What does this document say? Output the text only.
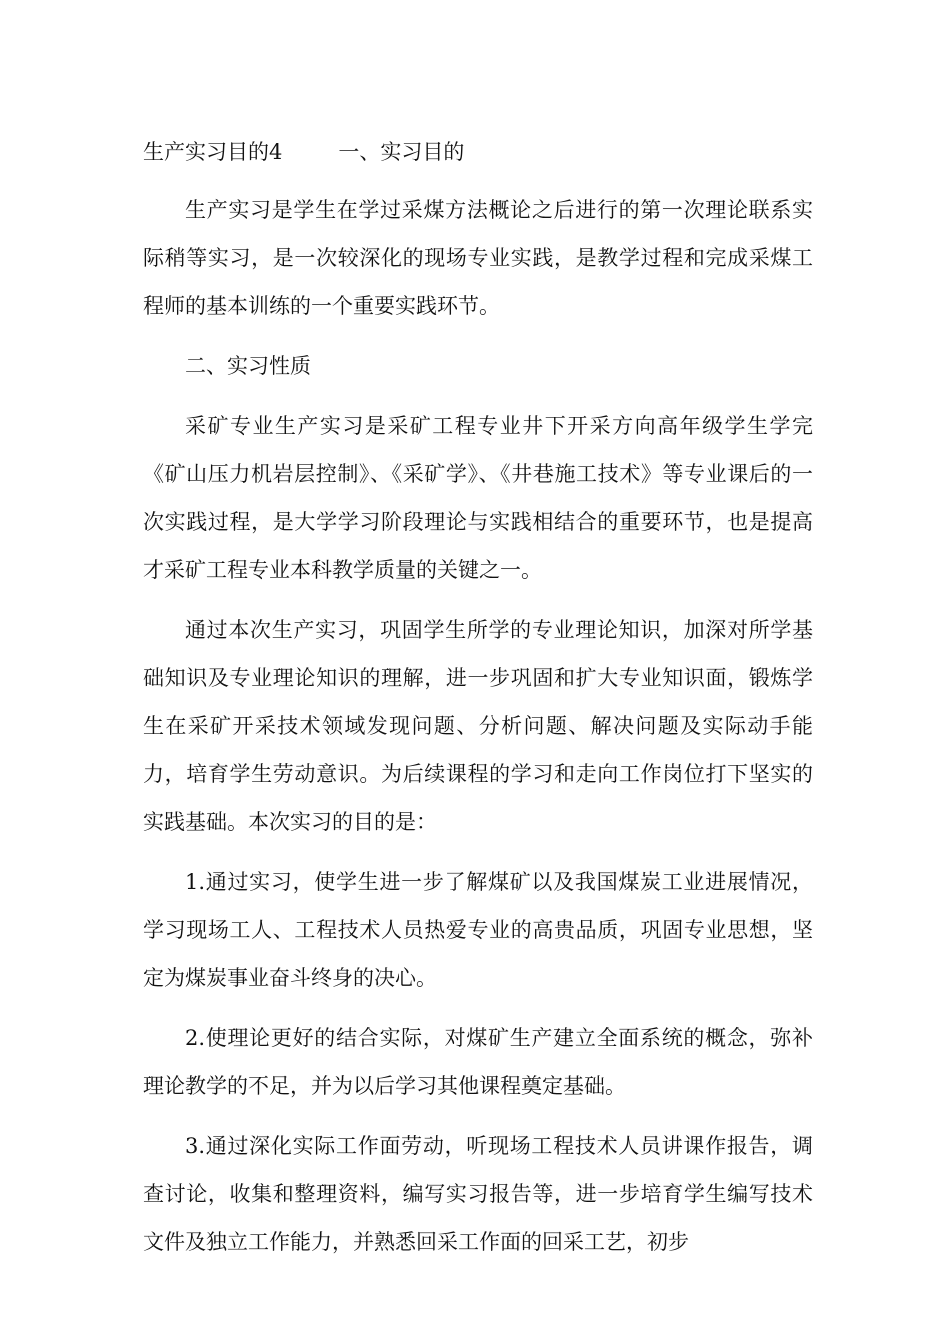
生产实习目的4	一、实习目的

生产实习是学生在学过采煤方法概论之后进行的第一次理论联系实际稍等实习，是一次较深化的现场专业实践，是教学过程和完成采煤工程师的基本训练的一个重要实践环节。

二、实习性质

采矿专业生产实习是采矿工程专业井下开采方向高年级学生学完《矿山压力机岩层控制》、《采矿学》、《井巷施工技术》等专业课后的一次实践过程，是大学学习阶段理论与实践相结合的重要环节，也是提高才采矿工程专业本科教学质量的关键之一。

通过本次生产实习，巩固学生所学的专业理论知识，加深对所学基础知识及专业理论知识的理解，进一步巩固和扩大专业知识面，锻炼学生在采矿开采技术领域发现问题、分析问题、解决问题及实际动手能力，培育学生劳动意识。为后续课程的学习和走向工作岗位打下坚实的实践基础。本次实习的目的是：

1.通过实习，使学生进一步了解煤矿以及我国煤炭工业进展情况，学习现场工人、工程技术人员热爱专业的高贵品质，巩固专业思想，坚定为煤炭事业奋斗终身的决心。

2.使理论更好的结合实际，对煤矿生产建立全面系统的概念，弥补理论教学的不足，并为以后学习其他课程奠定基础。

3.通过深化实际工作面劳动，听现场工程技术人员讲课作报告，调查讨论，收集和整理资料，编写实习报告等，进一步培育学生编写技术文件及独立工作能力，并熟悉回采工作面的回采工艺，初步
